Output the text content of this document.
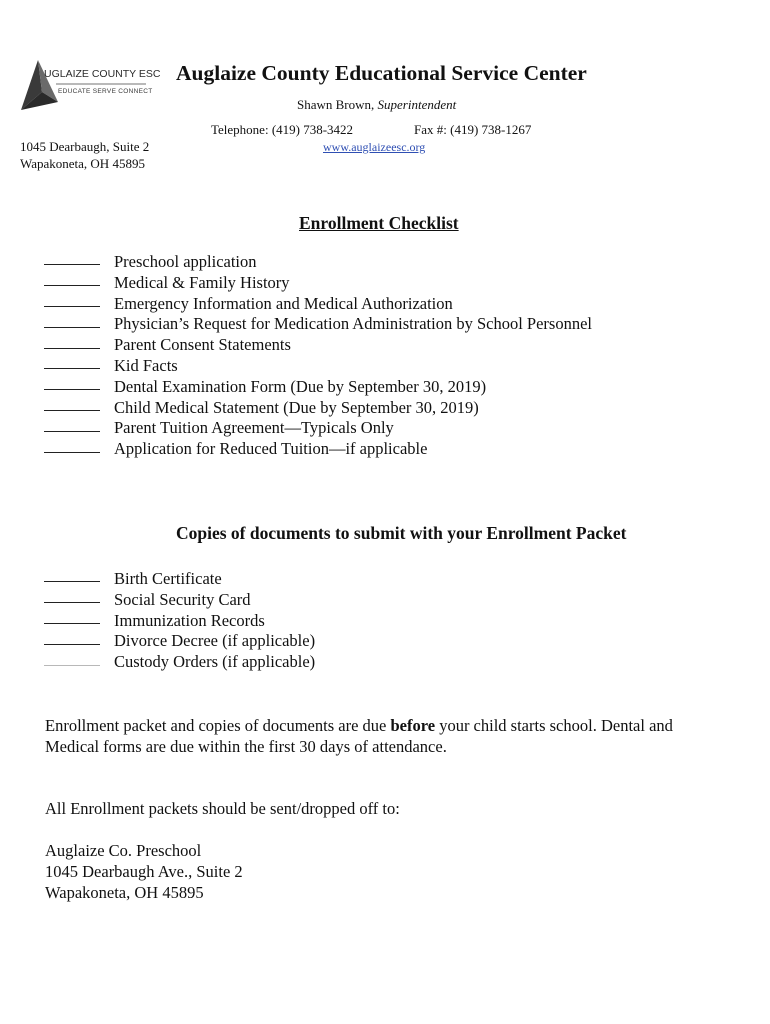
UGLAIZE COUNTY ESC
EDUCATE SERVE CONNECT
Auglaize County Educational Service Center
Shawn Brown, Superintendent
Telephone: (419) 738-3422	Fax #: (419) 738-1267
www.auglaizeesc.org
1045 Dearbaugh, Suite 2
Wapakoneta, OH 45895
Enrollment Checklist
Preschool application
Medical & Family History
Emergency Information and Medical Authorization
Physician’s Request for Medication Administration by School Personnel
Parent Consent Statements
Kid Facts
Dental Examination Form (Due by September 30, 2019)
Child Medical Statement (Due by September 30, 2019)
Parent Tuition Agreement—Typicals Only
Application for Reduced Tuition—if applicable
Copies of documents to submit with your Enrollment Packet
Birth Certificate
Social Security Card
Immunization Records
Divorce Decree (if applicable)
Custody Orders (if applicable)
Enrollment packet and copies of documents are due before your child starts school. Dental and
Medical forms are due within the first 30 days of attendance.
All Enrollment packets should be sent/dropped off to:
Auglaize Co. Preschool
1045 Dearbaugh Ave., Suite 2
Wapakoneta, OH 45895
